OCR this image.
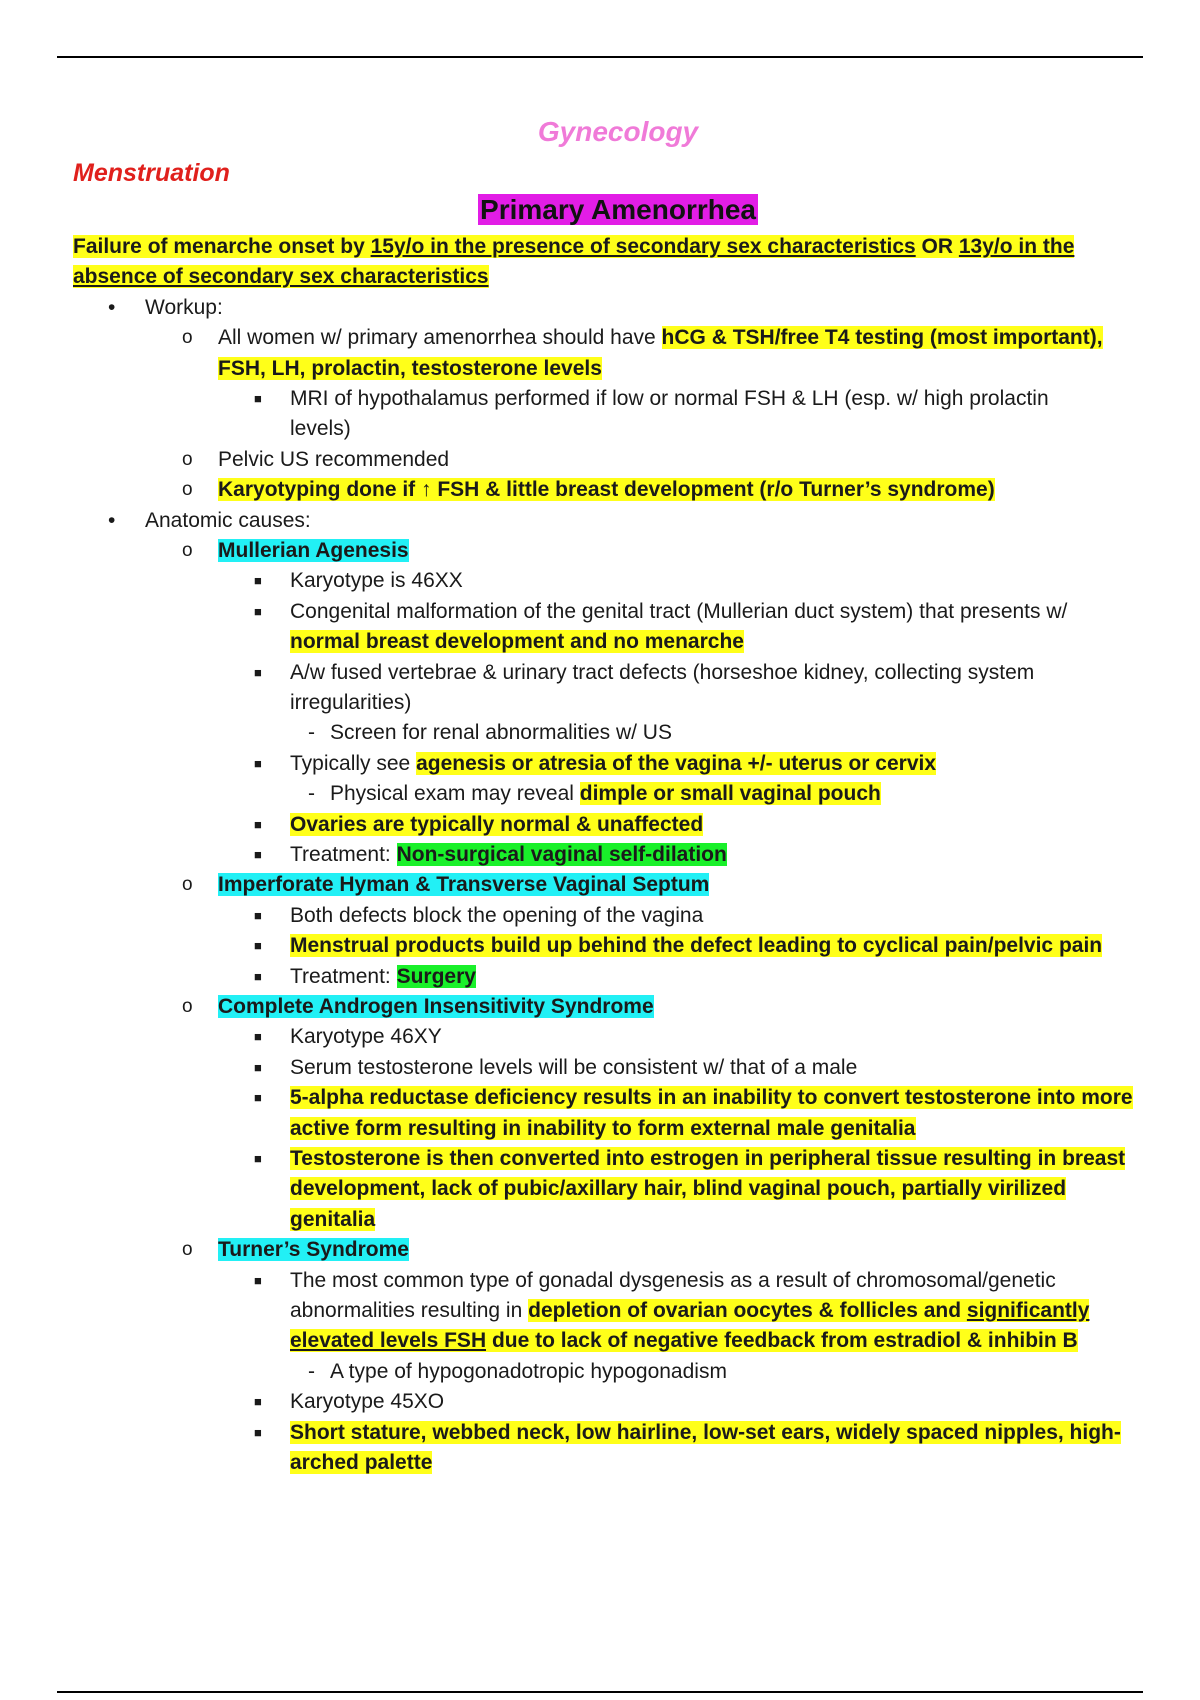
Gynecology
Menstruation
Primary Amenorrhea
Failure of menarche onset by 15y/o in the presence of secondary sex characteristics OR 13y/o in the
absence of secondary sex characteristics
• Workup:
o All women w/ primary amenorrhea should have hCG & TSH/free T4 testing (most important),
FSH, LH, prolactin, testosterone levels
■ MRI of hypothalamus performed if low or normal FSH & LH (esp. w/ high prolactin
levels)
o Pelvic US recommended
o Karyotyping done if ↑ FSH & little breast development (r/o Turner’s syndrome)
• Anatomic causes:
o Mullerian Agenesis
■ Karyotype is 46XX
■ Congenital malformation of the genital tract (Mullerian duct system) that presents w/
normal breast development and no menarche
■ A/w fused vertebrae & urinary tract defects (horseshoe kidney, collecting system
irregularities)
- Screen for renal abnormalities w/ US
■ Typically see agenesis or atresia of the vagina +/- uterus or cervix
- Physical exam may reveal dimple or small vaginal pouch
■ Ovaries are typically normal & unaffected
■ Treatment: Non-surgical vaginal self-dilation
o Imperforate Hyman & Transverse Vaginal Septum
■ Both defects block the opening of the vagina
■ Menstrual products build up behind the defect leading to cyclical pain/pelvic pain
■ Treatment: Surgery
o Complete Androgen Insensitivity Syndrome
■ Karyotype 46XY
■ Serum testosterone levels will be consistent w/ that of a male
■ 5-alpha reductase deficiency results in an inability to convert testosterone into more
active form resulting in inability to form external male genitalia
■ Testosterone is then converted into estrogen in peripheral tissue resulting in breast
development, lack of pubic/axillary hair, blind vaginal pouch, partially virilized
genitalia
o Turner’s Syndrome
■ The most common type of gonadal dysgenesis as a result of chromosomal/genetic
abnormalities resulting in depletion of ovarian oocytes & follicles and significantly
elevated levels FSH due to lack of negative feedback from estradiol & inhibin B
- A type of hypogonadotropic hypogonadism
■ Karyotype 45XO
■ Short stature, webbed neck, low hairline, low-set ears, widely spaced nipples, high-
arched palette
